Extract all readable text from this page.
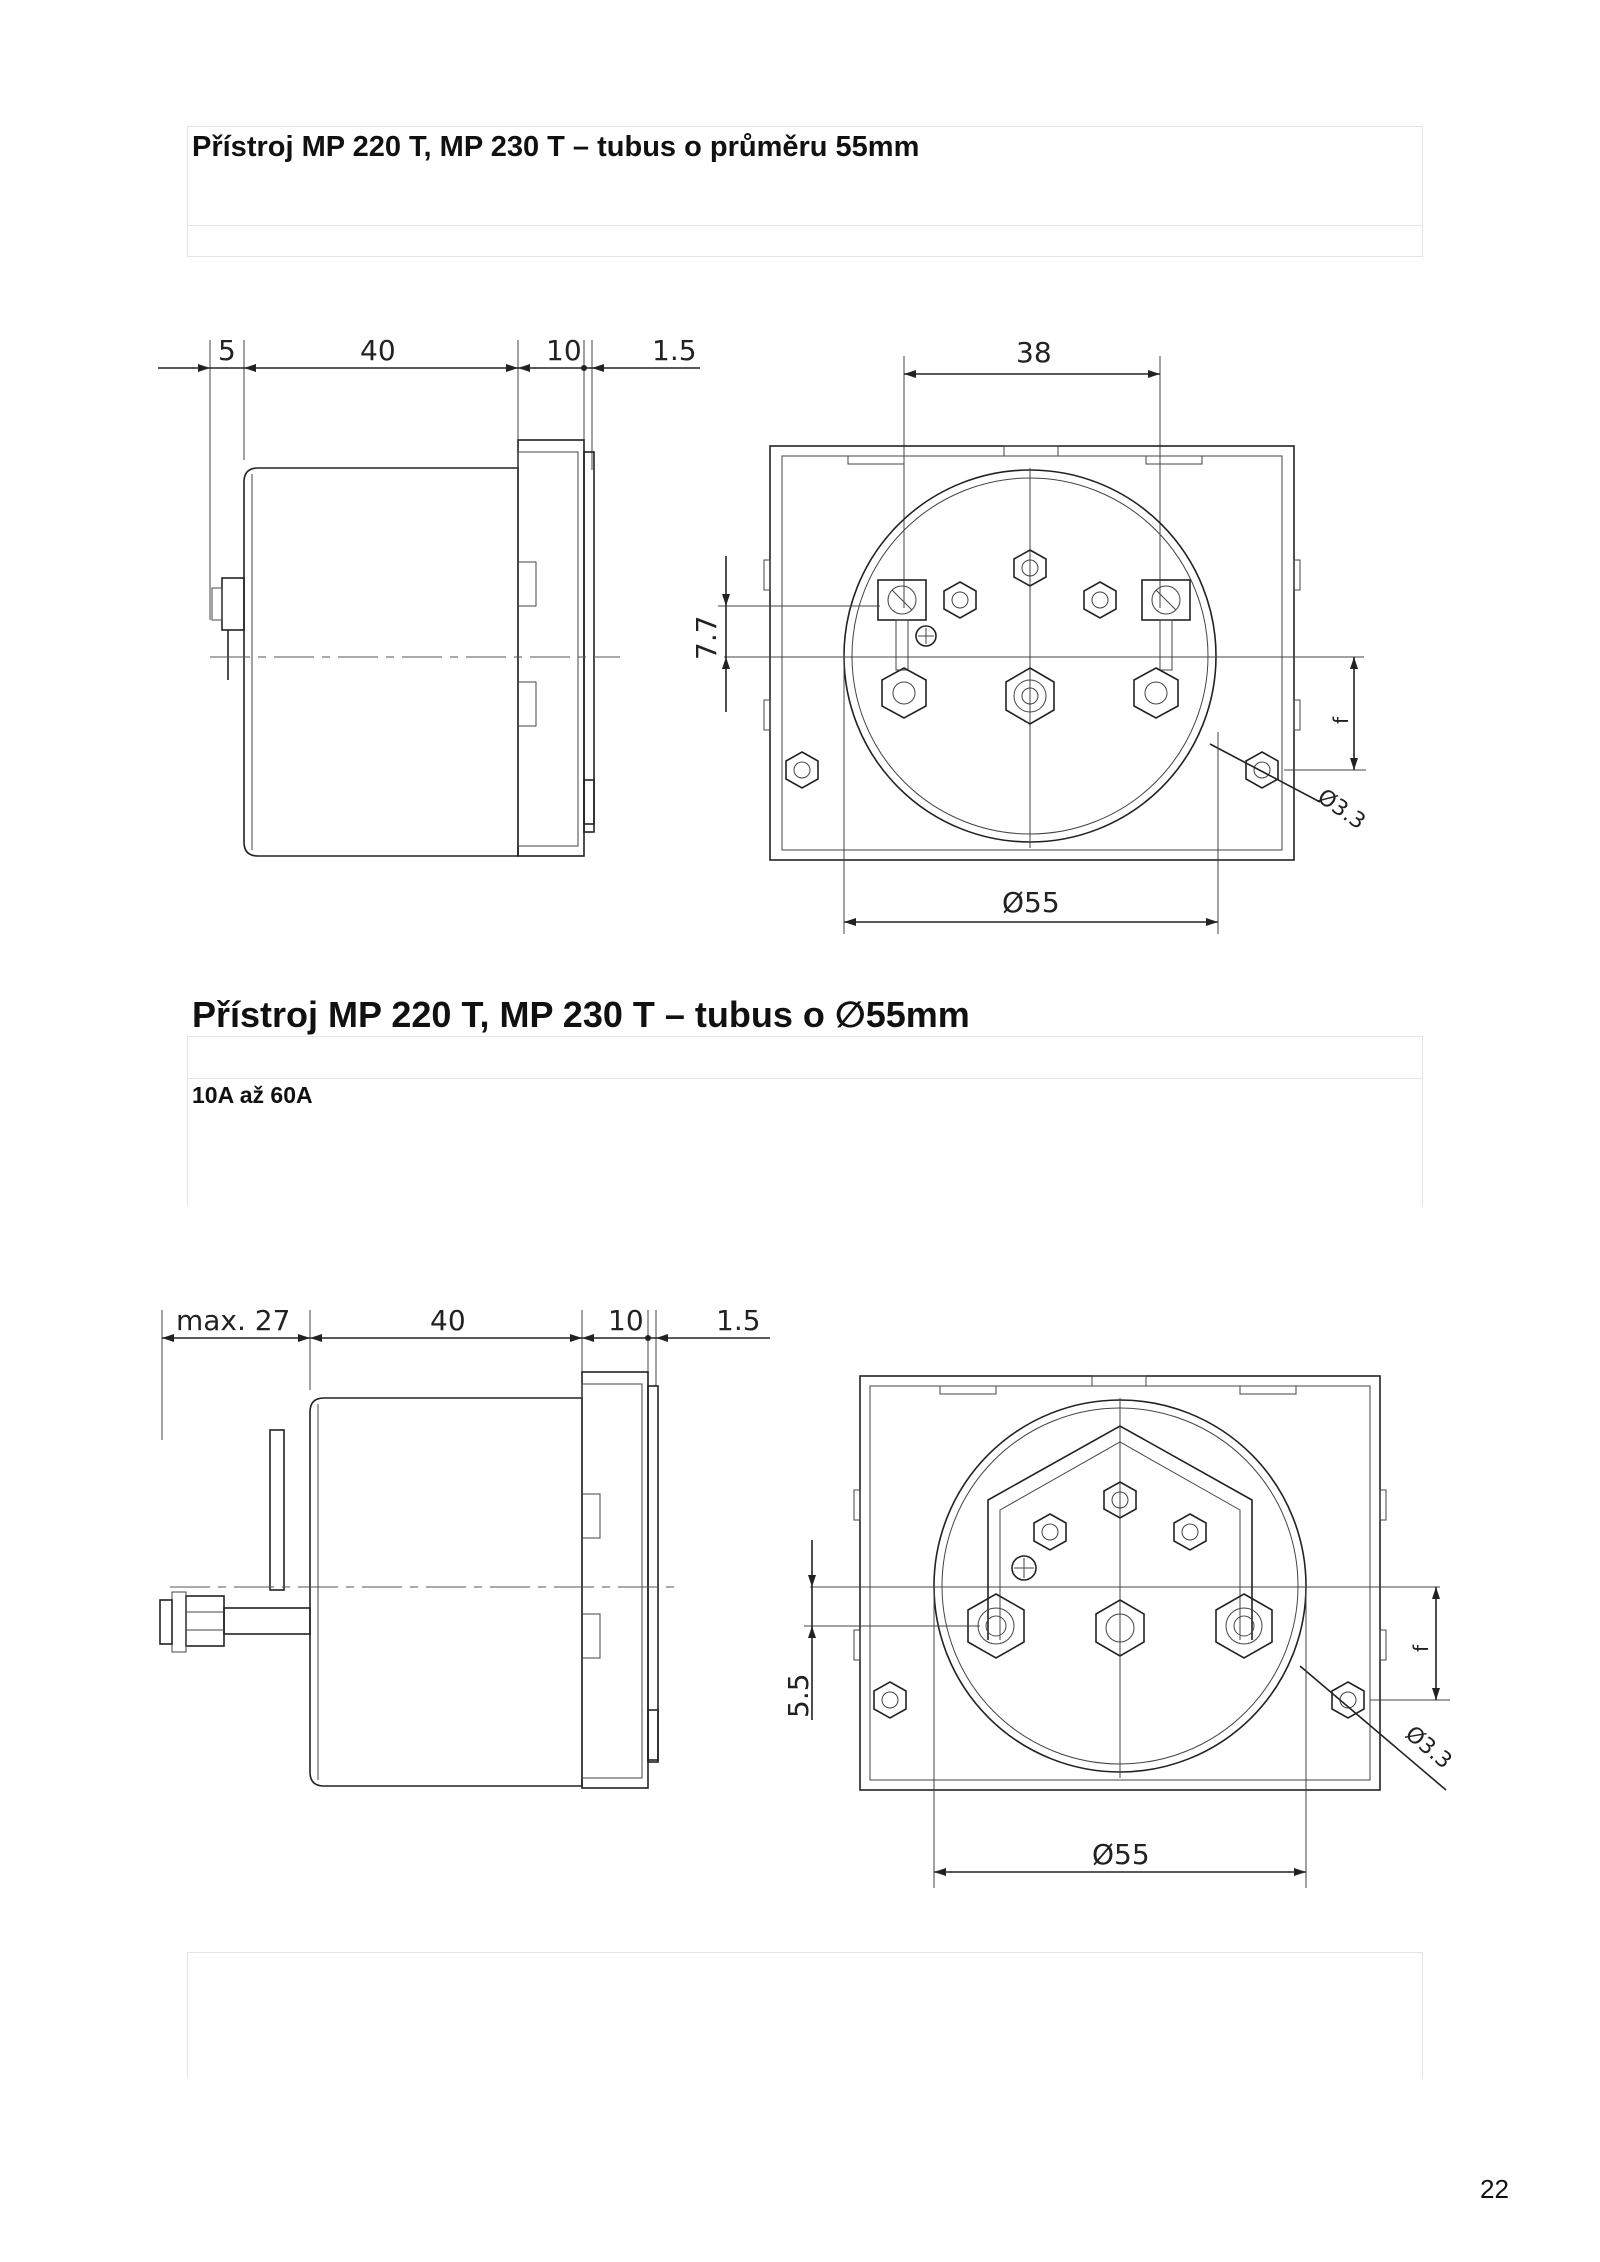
Přístroj MP 220 T, MP 230 T – tubus o průměru 55mm
Přístroj MP 220 T, MP 230 T – tubus o ∅55mm
10A až 60A
5	40	10	1.5	38
7.7
f
Ø3.3
Ø55
max. 27	40	10	1.5
5.5
f
Ø3.3
Ø55
22
